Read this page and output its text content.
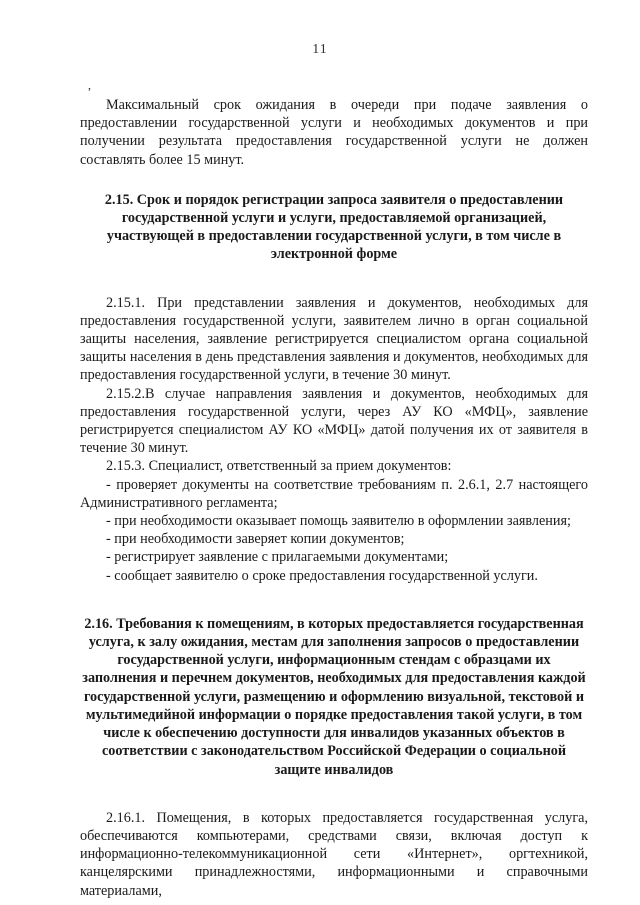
11
,

Максимальный срок ожидания в очереди при подаче заявления о предоставлении государственной услуги и необходимых документов и при получении результата предоставления государственной услуги не должен составлять более 15 минут.

2.15. Срок и порядок регистрации запроса заявителя о предоставлении государственной услуги и услуги, предоставляемой организацией, участвующей в предоставлении государственной услуги, в том числе в электронной форме

2.15.1. При представлении заявления и документов, необходимых для предоставления государственной услуги, заявителем лично в орган социальной защиты населения, заявление регистрируется специалистом органа социальной защиты населения в день представления заявления и документов, необходимых для предоставления государственной услуги, в течение 30 минут.

2.15.2.В случае направления заявления и документов, необходимых для предоставления государственной услуги, через АУ КО «МФЦ», заявление регистрируется специалистом АУ КО «МФЦ» датой получения их от заявителя в течение 30 минут.

2.15.3. Специалист, ответственный за прием документов:

- проверяет документы на соответствие требованиям п. 2.6.1, 2.7 настоящего Административного регламента;

- при необходимости оказывает помощь заявителю в оформлении заявления;

- при необходимости заверяет копии документов;

- регистрирует заявление с прилагаемыми документами;

- сообщает заявителю о сроке предоставления государственной услуги.

2.16. Требования к помещениям, в которых предоставляется государственная услуга, к залу ожидания, местам для заполнения запросов о предоставлении государственной услуги, информационным стендам с образцами их заполнения и перечнем документов, необходимых для предоставления каждой государственной услуги, размещению и оформлению визуальной, текстовой и мультимедийной информации о порядке предоставления такой услуги, в том числе к обеспечению доступности для инвалидов указанных объектов в соответствии с законодательством Российской Федерации о социальной защите инвалидов

2.16.1. Помещения, в которых предоставляется государственная услуга, обеспечиваются компьютерами, средствами связи, включая доступ к информационно-телекоммуникационной сети «Интернет», оргтехникой, канцелярскими принадлежностями, информационными и справочными материалами,
